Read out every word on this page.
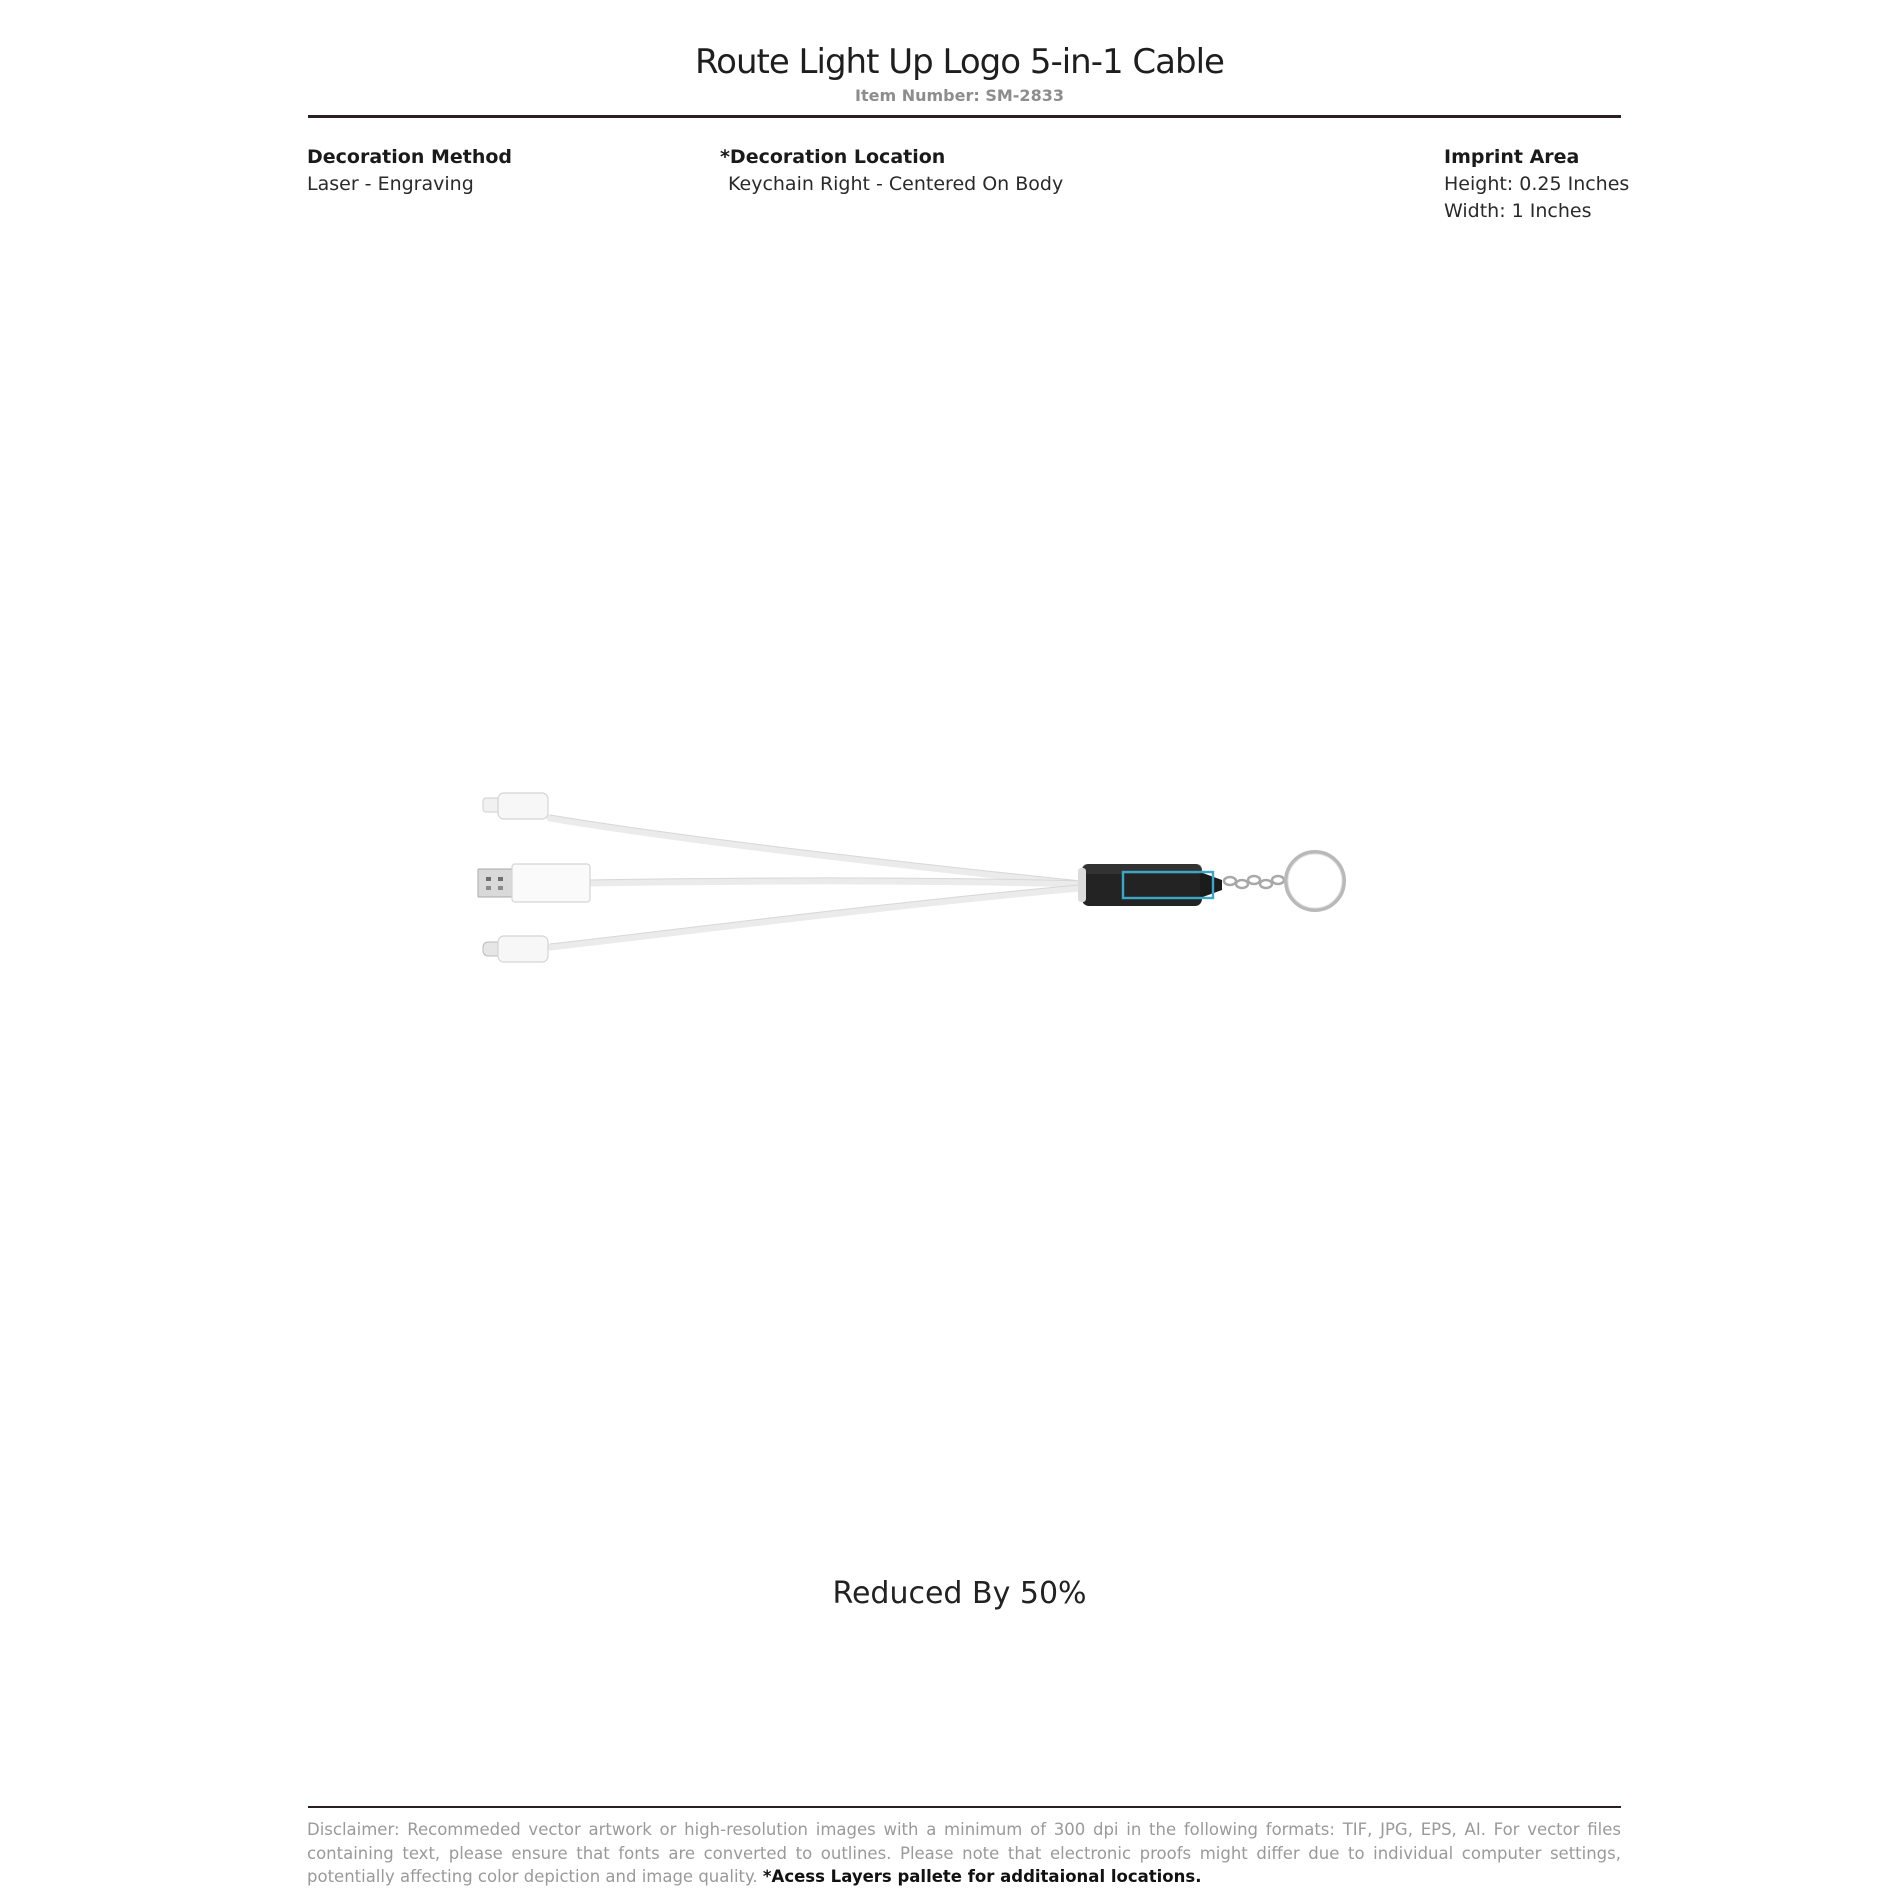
Route Light Up Logo 5-in-1 Cable
Item Number: SM-2833
Decoration Method
Laser - Engraving
*Decoration Location
Keychain Right - Centered On Body
Imprint Area
Height: 0.25 Inches
Width: 1 Inches
Reduced By 50%
Disclaimer: Recommeded vector artwork or high-resolution images with a minimum of 300 dpi in the following formats: TIF, JPG, EPS, AI. For vector files containing text, please ensure that fonts are converted to outlines. Please note that electronic proofs might differ due to individual computer settings, potentially affecting color depiction and image quality. *Acess Layers pallete for additaional locations.
